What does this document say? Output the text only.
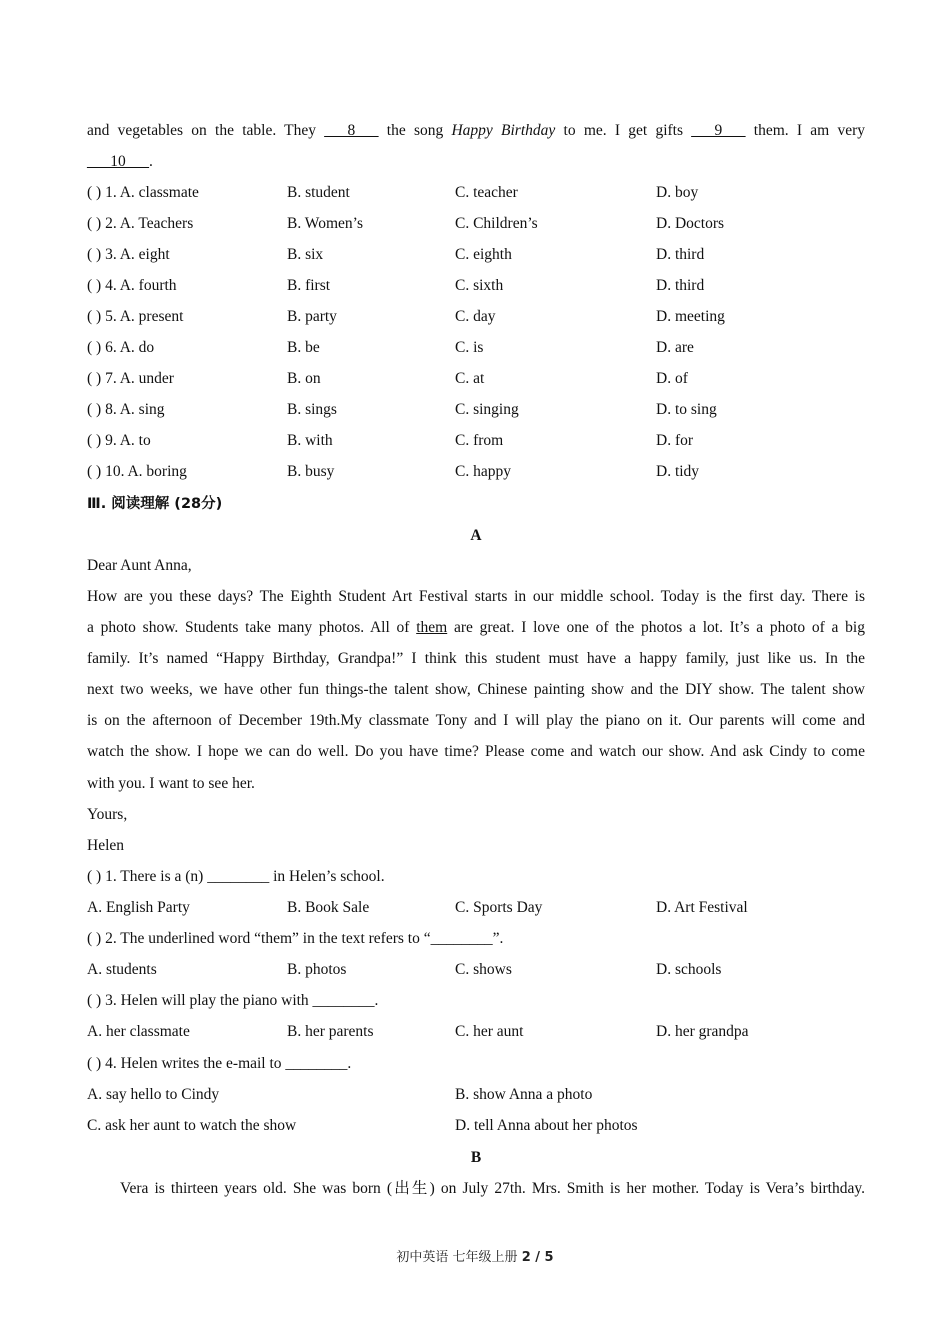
and vegetables on the table. They ___8___ the song Happy Birthday to me. I get gifts ___9___ them. I am very
___10___.
( ) 1. A. classmate	B. student	C. teacher	D. boy
( ) 2. A. Teachers	B. Women’s	C. Children’s	D. Doctors
( ) 3. A. eight	B. six	C. eighth	D. third
( ) 4. A. fourth	B. first	C. sixth	D. third
( ) 5. A. present	B. party	C. day	D. meeting
( ) 6. A. do	B. be	C. is	D. are
( ) 7. A. under	B. on	C. at	D. of
( ) 8. A. sing	B. sings	C. singing	D. to sing
( ) 9. A. to	B. with	C. from	D. for
( ) 10. A. boring	B. busy	C. happy	D. tidy
Ⅲ. 阅读理解 (28分)
A
Dear Aunt Anna,
How are you these days? The Eighth Student Art Festival starts in our middle school. Today is the first day. There is
a photo show. Students take many photos. All of them are great. I love one of the photos a lot. It’s a photo of a big
family. It’s named “Happy Birthday, Grandpa!” I think this student must have a happy family, just like us. In the
next two weeks, we have other fun things-the talent show, Chinese painting show and the DIY show. The talent show
is on the afternoon of December 19th.My classmate Tony and I will play the piano on it. Our parents will come and
watch the show. I hope we can do well. Do you have time? Please come and watch our show. And ask Cindy to come
with you. I want to see her.
Yours,
Helen
( ) 1. There is a (n) ________ in Helen’s school.
A. English Party	B. Book Sale	C. Sports Day	D. Art Festival
( ) 2. The underlined word “them” in the text refers to “________”.
A. students	B. photos	C. shows	D. schools
( ) 3. Helen will play the piano with ________.
A. her classmate	B. her parents	C. her aunt	D. her grandpa
( ) 4. Helen writes the e-mail to ________.
A. say hello to Cindy	B. show Anna a photo
C. ask her aunt to watch the show	D. tell Anna about her photos
B
Vera is thirteen years old. She was born (出生) on July 27th. Mrs. Smith is her mother. Today is Vera’s birthday.
初中英语 七年级上册 2 / 5
